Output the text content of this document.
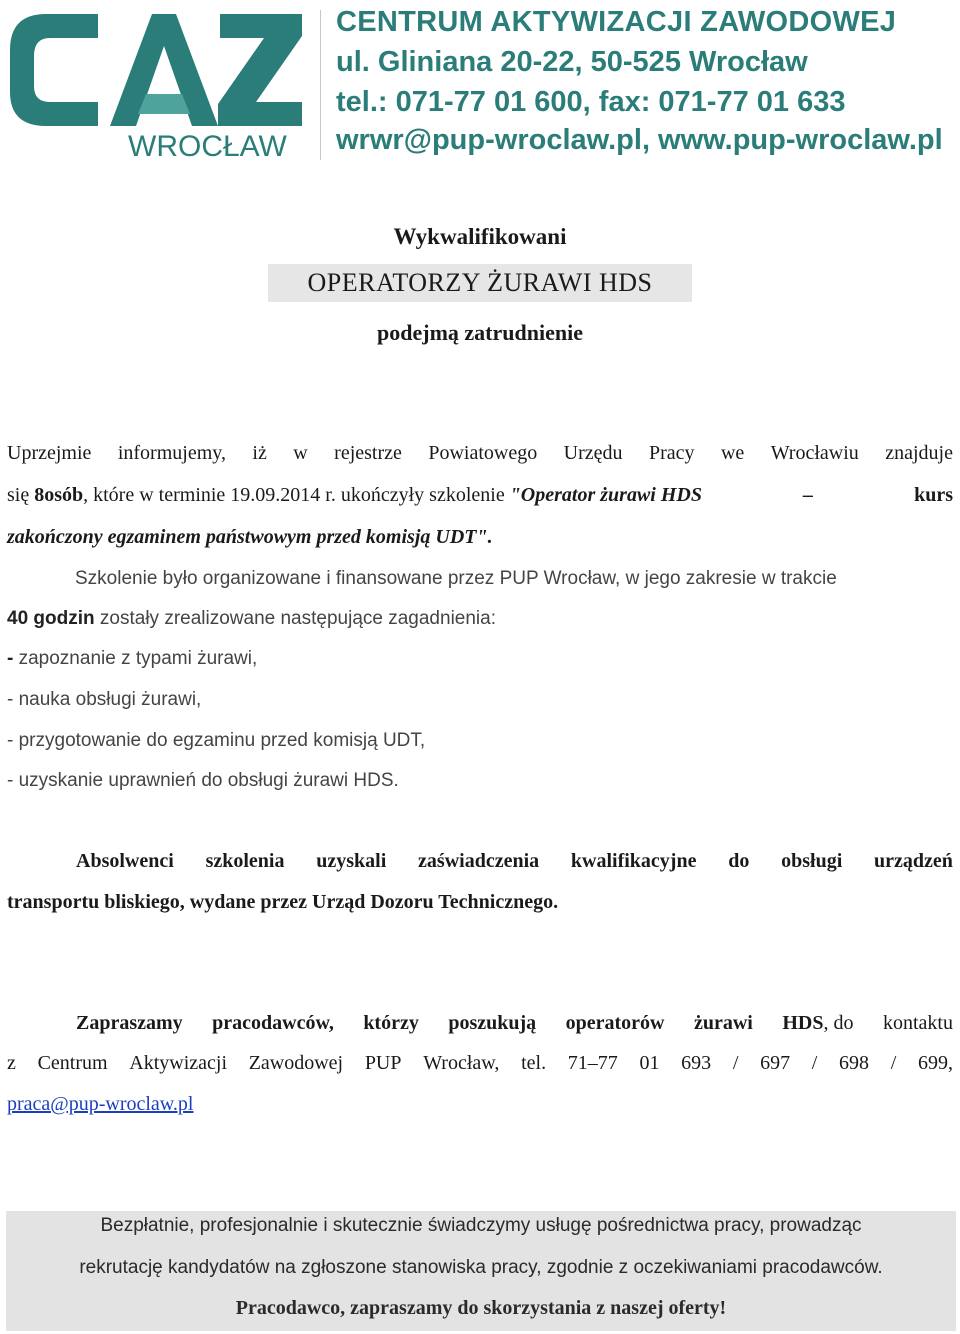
WROCŁAW
CENTRUM AKTYWIZACJI ZAWODOWEJ
ul. Gliniana 20-22, 50-525 Wrocław
tel.: 071-77 01 600, fax: 071-77 01 633
wrwr@pup-wroclaw.pl, www.pup-wroclaw.pl
Wykwalifikowani
OPERATORZY ŻURAWI HDS
podejmą zatrudnienie
Uprzejmie informujemy, iż w rejestrze Powiatowego Urzędu Pracy we Wrocławiu znajduje
się 8osób, które w terminie 19.09.2014 r. ukończyły szkolenie "Operator żurawi HDS	–	kurs
zakończony egzaminem państwowym przed komisją UDT".
Szkolenie było organizowane i finansowane przez PUP Wrocław, w jego zakresie w trakcie
40 godzin zostały zrealizowane następujące zagadnienia:
- zapoznanie z typami żurawi,
- nauka obsługi żurawi,
- przygotowanie do egzaminu przed komisją UDT,
- uzyskanie uprawnień do obsługi żurawi HDS.
Absolwenci szkolenia uzyskali zaświadczenia kwalifikacyjne do obsługi urządzeń
transportu bliskiego, wydane przez Urząd Dozoru Technicznego.
Zapraszamy pracodawców, którzy poszukują operatorów żurawi HDS, do kontaktu
z Centrum Aktywizacji Zawodowej PUP Wrocław, tel. 71–77 01 693 / 697 / 698 / 699,
praca@pup-wroclaw.pl
Bezpłatnie, profesjonalnie i skutecznie świadczymy usługę pośrednictwa pracy, prowadząc
rekrutację kandydatów na zgłoszone stanowiska pracy, zgodnie z oczekiwaniami pracodawców.
Pracodawco, zapraszamy do skorzystania z naszej oferty!
